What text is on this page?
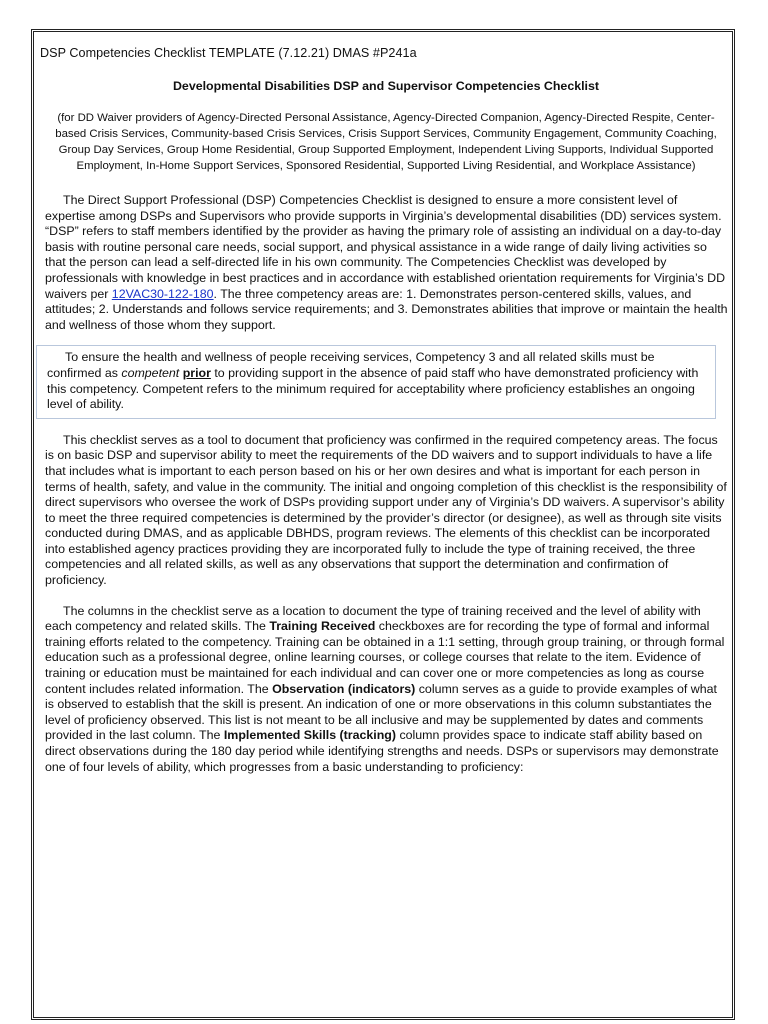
DSP Competencies Checklist TEMPLATE (7.12.21) DMAS #P241a
Developmental Disabilities DSP and Supervisor Competencies Checklist
(for DD Waiver providers of Agency-Directed Personal Assistance, Agency-Directed Companion, Agency-Directed Respite, Center-based Crisis Services, Community-based Crisis Services, Crisis Support Services, Community Engagement, Community Coaching, Group Day Services, Group Home Residential, Group Supported Employment, Independent Living Supports, Individual Supported Employment, In-Home Support Services, Sponsored Residential, Supported Living Residential, and Workplace Assistance)

The Direct Support Professional (DSP) Competencies Checklist is designed to ensure a more consistent level of expertise among DSPs and Supervisors who provide supports in Virginia’s developmental disabilities (DD) services system. “DSP” refers to staff members identified by the provider as having the primary role of assisting an individual on a day-to-day basis with routine personal care needs, social support, and physical assistance in a wide range of daily living activities so that the person can lead a self-directed life in his own community. The Competencies Checklist was developed by professionals with knowledge in best practices and in accordance with established orientation requirements for Virginia’s DD waivers per 12VAC30-122-180. The three competency areas are: 1. Demonstrates person-centered skills, values, and attitudes; 2. Understands and follows service requirements; and 3. Demonstrates abilities that improve or maintain the health and wellness of those whom they support.

To ensure the health and wellness of people receiving services, Competency 3 and all related skills must be confirmed as competent prior to providing support in the absence of paid staff who have demonstrated proficiency with this competency. Competent refers to the minimum required for acceptability where proficiency establishes an ongoing level of ability.

This checklist serves as a tool to document that proficiency was confirmed in the required competency areas. The focus is on basic DSP and supervisor ability to meet the requirements of the DD waivers and to support individuals to have a life that includes what is important to each person based on his or her own desires and what is important for each person in terms of health, safety, and value in the community. The initial and ongoing completion of this checklist is the responsibility of direct supervisors who oversee the work of DSPs providing support under any of Virginia’s DD waivers. A supervisor’s ability to meet the three required competencies is determined by the provider’s director (or designee), as well as through site visits conducted during DMAS, and as applicable DBHDS, program reviews. The elements of this checklist can be incorporated into established agency practices providing they are incorporated fully to include the type of training received, the three competencies and all related skills, as well as any observations that support the determination and confirmation of proficiency.

The columns in the checklist serve as a location to document the type of training received and the level of ability with each competency and related skills. The Training Received checkboxes are for recording the type of formal and informal training efforts related to the competency. Training can be obtained in a 1:1 setting, through group training, or through formal education such as a professional degree, online learning courses, or college courses that relate to the item. Evidence of training or education must be maintained for each individual and can cover one or more competencies as long as course content includes related information. The Observation (indicators) column serves as a guide to provide examples of what is observed to establish that the skill is present. An indication of one or more observations in this column substantiates the level of proficiency observed. This list is not meant to be all inclusive and may be supplemented by dates and comments provided in the last column. The Implemented Skills (tracking) column provides space to indicate staff ability based on direct observations during the 180 day period while identifying strengths and needs. DSPs or supervisors may demonstrate one of four levels of ability, which progresses from a basic understanding to proficiency:
